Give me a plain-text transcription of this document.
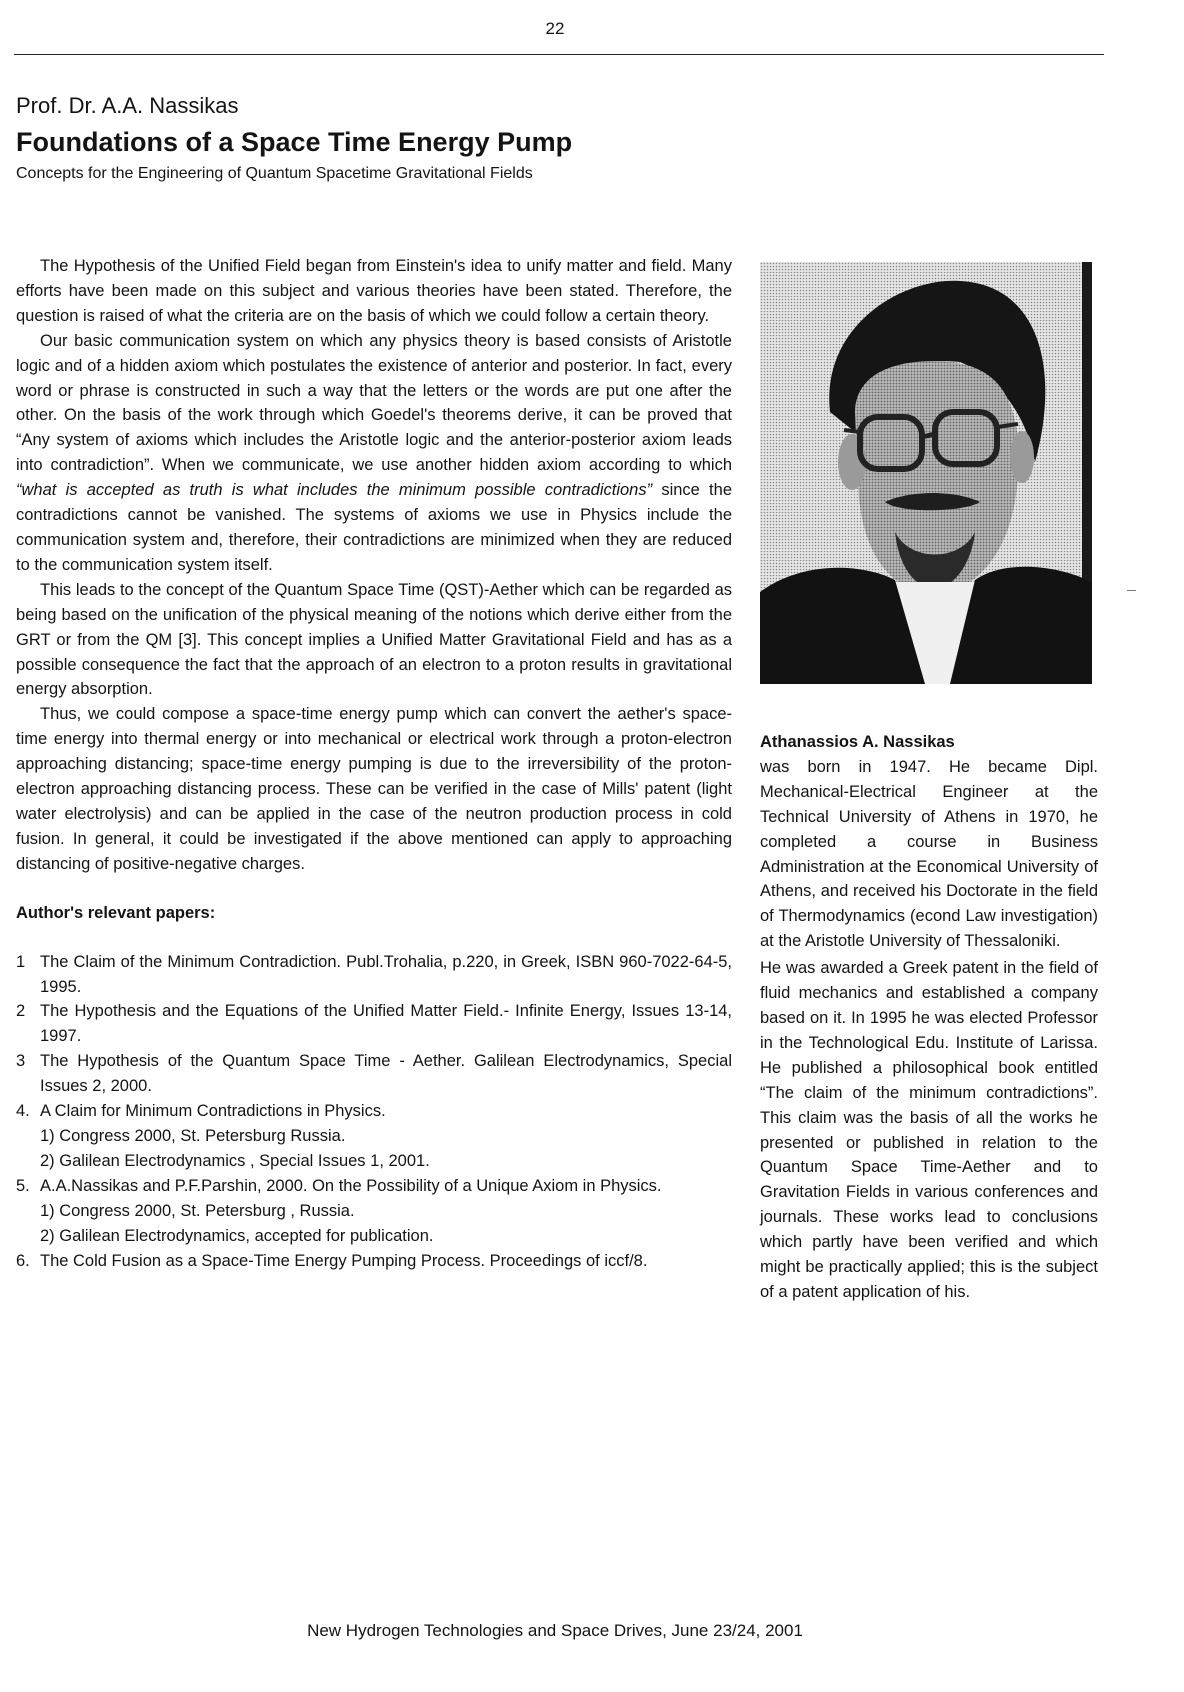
22
Prof. Dr. A.A. Nassikas
Foundations of a Space Time Energy Pump
Concepts for the Engineering of Quantum Spacetime Gravitational Fields

The Hypothesis of the Unified Field began from Einstein's idea to unify matter and field. Many efforts have been made on this subject and various theories have been stated. Therefore, the question is raised of what the criteria are on the basis of which we could follow a certain theory.

Our basic communication system on which any physics theory is based consists of Aristotle logic and of a hidden axiom which postulates the existence of anterior and posterior. In fact, every word or phrase is constructed in such a way that the letters or the words are put one after the other. On the basis of the work through which Goedel's theorems derive, it can be proved that “Any system of axioms which includes the Aristotle logic and the anterior-posterior axiom leads into contradiction”. When we communicate, we use another hidden axiom according to which “what is accepted as truth is what includes the minimum possible contradictions” since the contradictions cannot be vanished. The systems of axioms we use in Physics include the communication system and, therefore, their contradictions are minimized when they are reduced to the communication system itself.

This leads to the concept of the Quantum Space Time (QST)-Aether which can be regarded as being based on the unification of the physical meaning of the notions which derive either from the GRT or from the QM [3]. This concept implies a Unified Matter Gravitational Field and has as a possible consequence the fact that the approach of an electron to a proton results in gravitational energy absorption.

Thus, we could compose a space-time energy pump which can convert the aether's space-time energy into thermal energy or into mechanical or electrical work through a proton-electron approaching distancing; space-time energy pumping is due to the irreversibility of the proton-electron approaching distancing process. These can be verified in the case of Mills' patent (light water electrolysis) and can be applied in the case of the neutron production process in cold fusion. In general, it could be investigated if the above mentioned can apply to approaching distancing of positive-negative charges.

Author's relevant papers:
1 The Claim of the Minimum Contradiction. Publ.Trohalia, p.220, in Greek, ISBN 960-7022-64-5, 1995.
2 The Hypothesis and the Equations of the Unified Matter Field.- Infinite Energy, Issues 13-14, 1997.
3 The Hypothesis of the Quantum Space Time - Aether. Galilean Electrodynamics, Special Issues 2, 2000.
4. A Claim for Minimum Contradictions in Physics.
1) Congress 2000, St. Petersburg Russia.
2) Galilean Electrodynamics , Special Issues 1, 2001.
5. A.A.Nassikas and P.F.Parshin, 2000. On the Possibility of a Unique Axiom in Physics.
1) Congress 2000, St. Petersburg , Russia.
2) Galilean Electrodynamics, accepted for publication.
6. The Cold Fusion as a Space-Time Energy Pumping Process. Proceedings of iccf/8.
Athanassios A. Nassikas

was born in 1947. He became Dipl. Mechanical-Electrical Engineer at the Technical University of Athens in 1970, he completed a course in Business Administration at the Economical University of Athens, and received his Doctorate in the field of Thermodynamics (econd Law investigation) at the Aristotle University of Thessaloniki.

He was awarded a Greek patent in the field of fluid mechanics and established a company based on it. In 1995 he was elected Professor in the Technological Edu. Institute of Larissa. He published a philosophical book entitled “The claim of the minimum contradictions”. This claim was the basis of all the works he presented or published in relation to the Quantum Space Time-Aether and to Gravitation Fields in various conferences and journals. These works lead to conclusions which partly have been verified and which might be practically applied; this is the subject of a patent application of his.

New Hydrogen Technologies and Space Drives, June 23/24, 2001
